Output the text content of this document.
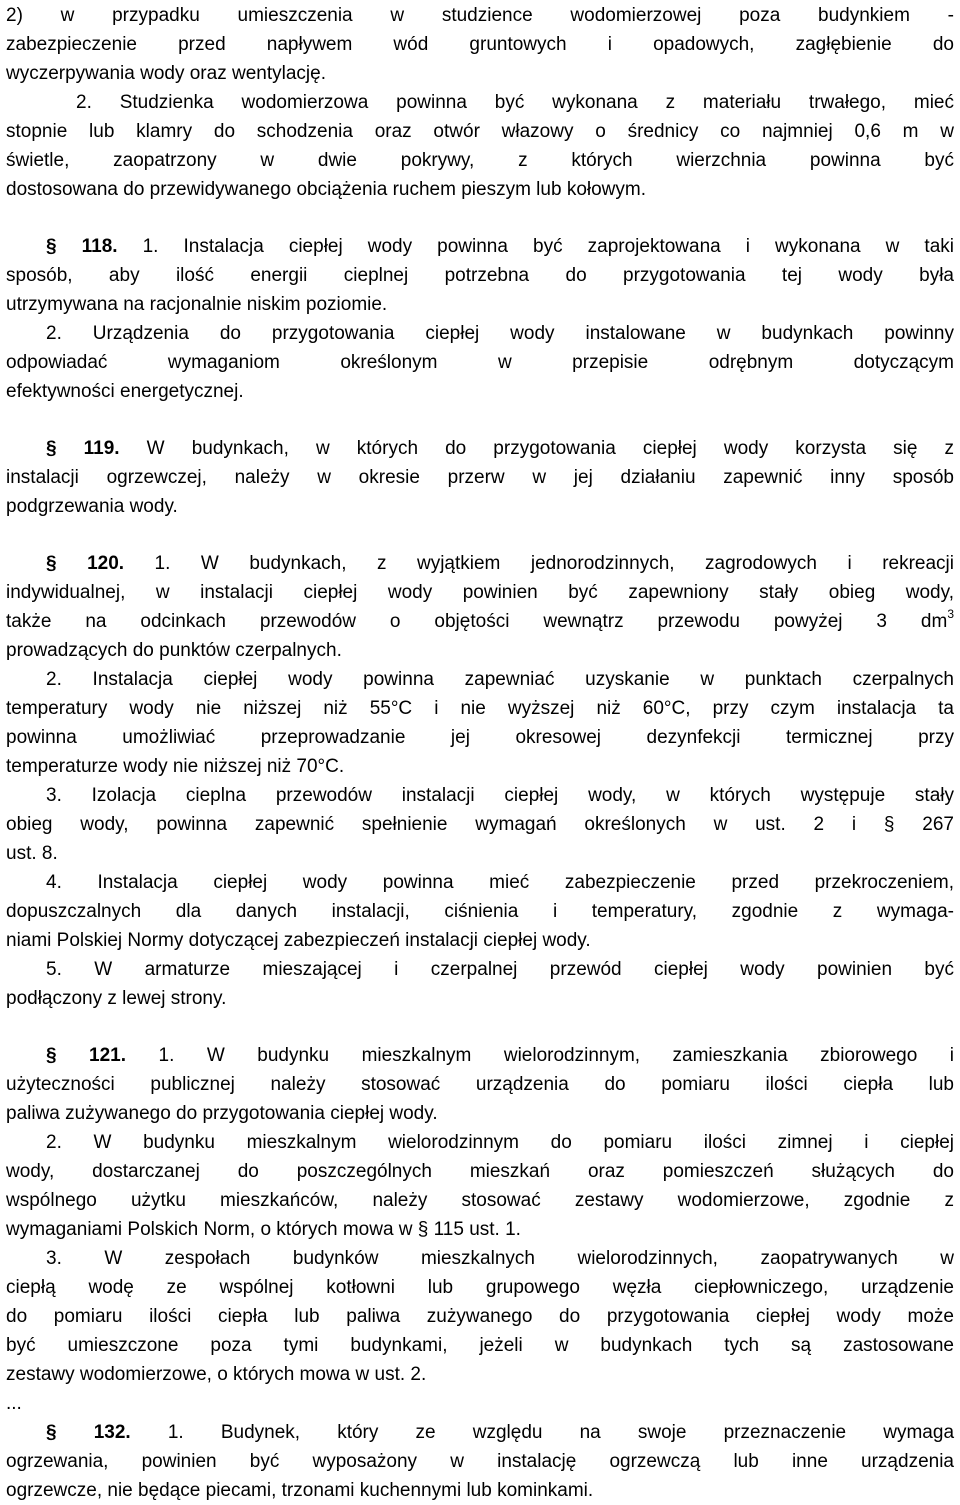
2) w przypadku umieszczenia w studzience wodomierzowej poza budynkiem -
zabezpieczenie przed napływem wód gruntowych i opadowych, zagłębienie do
wyczerpywania wody oraz wentylację.
2. Studzienka wodomierzowa powinna być wykonana z materiału trwałego, mieć
stopnie lub klamry do schodzenia oraz otwór włazowy o średnicy co najmniej 0,6 m w
świetle, zaopatrzony w dwie pokrywy, z których wierzchnia powinna być
dostosowana do przewidywanego obciążenia ruchem pieszym lub kołowym.
§ 118. 1. Instalacja ciepłej wody powinna być zaprojektowana i wykonana w taki
sposób, aby ilość energii cieplnej potrzebna do przygotowania tej wody była
utrzymywana na racjonalnie niskim poziomie.
2. Urządzenia do przygotowania ciepłej wody instalowane w budynkach powinny
odpowiadać wymaganiom określonym w przepisie odrębnym dotyczącym
efektywności energetycznej.
§ 119. W budynkach, w których do przygotowania ciepłej wody korzysta się z
instalacji ogrzewczej, należy w okresie przerw w jej działaniu zapewnić inny sposób
podgrzewania wody.
§ 120. 1. W budynkach, z wyjątkiem jednorodzinnych, zagrodowych i rekreacji
indywidualnej, w instalacji ciepłej wody powinien być zapewniony stały obieg wody,
także na odcinkach przewodów o objętości wewnątrz przewodu powyżej 3 $dm^3$
prowadzących do punktów czerpalnych.
2. Instalacja ciepłej wody powinna zapewniać uzyskanie w punktach czerpalnych
temperatury wody nie niższej niż 55°C i nie wyższej niż 60°C, przy czym instalacja ta
powinna umożliwiać przeprowadzanie jej okresowej dezynfekcji termicznej przy
temperaturze wody nie niższej niż 70°C.
3. Izolacja cieplna przewodów instalacji ciepłej wody, w których występuje stały
obieg wody, powinna zapewnić spełnienie wymagań określonych w ust. 2 i § 267
ust. 8.
4. Instalacja ciepłej wody powinna mieć zabezpieczenie przed przekroczeniem,
dopuszczalnych dla danych instalacji, ciśnienia i temperatury, zgodnie z wymaga-
niami Polskiej Normy dotyczącej zabezpieczeń instalacji ciepłej wody.
5. W armaturze mieszającej i czerpalnej przewód ciepłej wody powinien być
podłączony z lewej strony.
§ 121. 1. W budynku mieszkalnym wielorodzinnym, zamieszkania zbiorowego i
użyteczności publicznej należy stosować urządzenia do pomiaru ilości ciepła lub
paliwa zużywanego do przygotowania ciepłej wody.
2. W budynku mieszkalnym wielorodzinnym do pomiaru ilości zimnej i ciepłej
wody, dostarczanej do poszczególnych mieszkań oraz pomieszczeń służących do
wspólnego użytku mieszkańców, należy stosować zestawy wodomierzowe, zgodnie z
wymaganiami Polskich Norm, o których mowa w § 115 ust. 1.
3. W zespołach budynków mieszkalnych wielorodzinnych, zaopatrywanych w
ciepłą wodę ze wspólnej kotłowni lub grupowego węzła ciepłowniczego, urządzenie
do pomiaru ilości ciepła lub paliwa zużywanego do przygotowania ciepłej wody może
być umieszczone poza tymi budynkami, jeżeli w budynkach tych są zastosowane
zestawy wodomierzowe, o których mowa w ust. 2.
...
§ 132. 1. Budynek, który ze względu na swoje przeznaczenie wymaga
ogrzewania, powinien być wyposażony w instalację ogrzewczą lub inne urządzenia
ogrzewcze, nie będące piecami, trzonami kuchennymi lub kominkami.
